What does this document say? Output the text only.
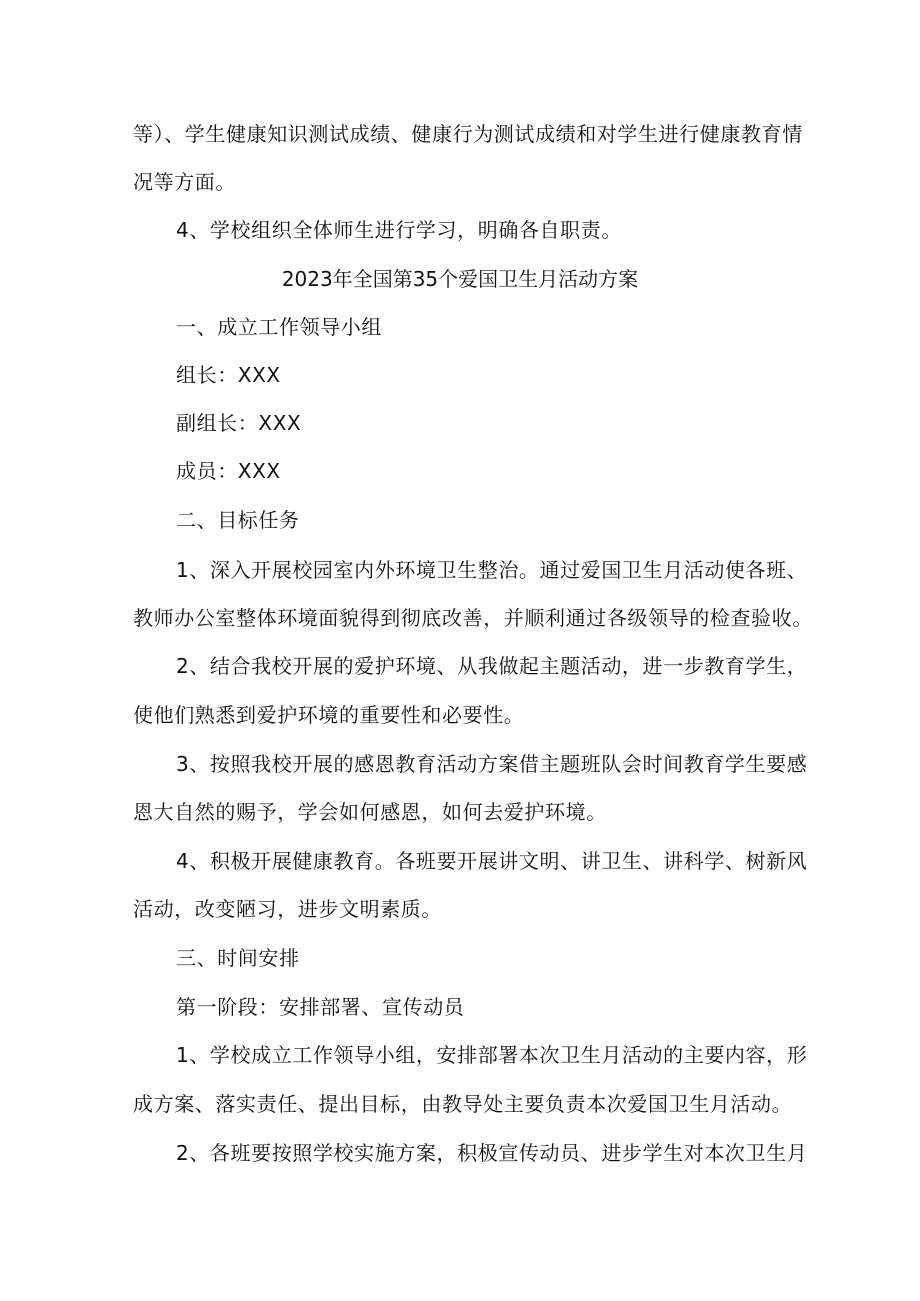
等）、学生健康知识测试成绩、健康行为测试成绩和对学生进行健康教育情
况等方面。
4、学校组织全体师生进行学习，明确各自职责。
2023年全国第35个爱国卫生月活动方案
一、成立工作领导小组
组长：XXX
副组长：XXX
成员：XXX
二、目标任务
1、深入开展校园室内外环境卫生整治。通过爱国卫生月活动使各班、
教师办公室整体环境面貌得到彻底改善，并顺利通过各级领导的检查验收。
2、结合我校开展的爱护环境、从我做起主题活动，进一步教育学生，
使他们熟悉到爱护环境的重要性和必要性。
3、按照我校开展的感恩教育活动方案借主题班队会时间教育学生要感
恩大自然的赐予，学会如何感恩，如何去爱护环境。
4、积极开展健康教育。各班要开展讲文明、讲卫生、讲科学、树新风
活动，改变陋习，进步文明素质。
三、时间安排
第一阶段：安排部署、宣传动员
1、学校成立工作领导小组，安排部署本次卫生月活动的主要内容，形
成方案、落实责任、提出目标，由教导处主要负责本次爱国卫生月活动。
2、各班要按照学校实施方案，积极宣传动员、进步学生对本次卫生月
